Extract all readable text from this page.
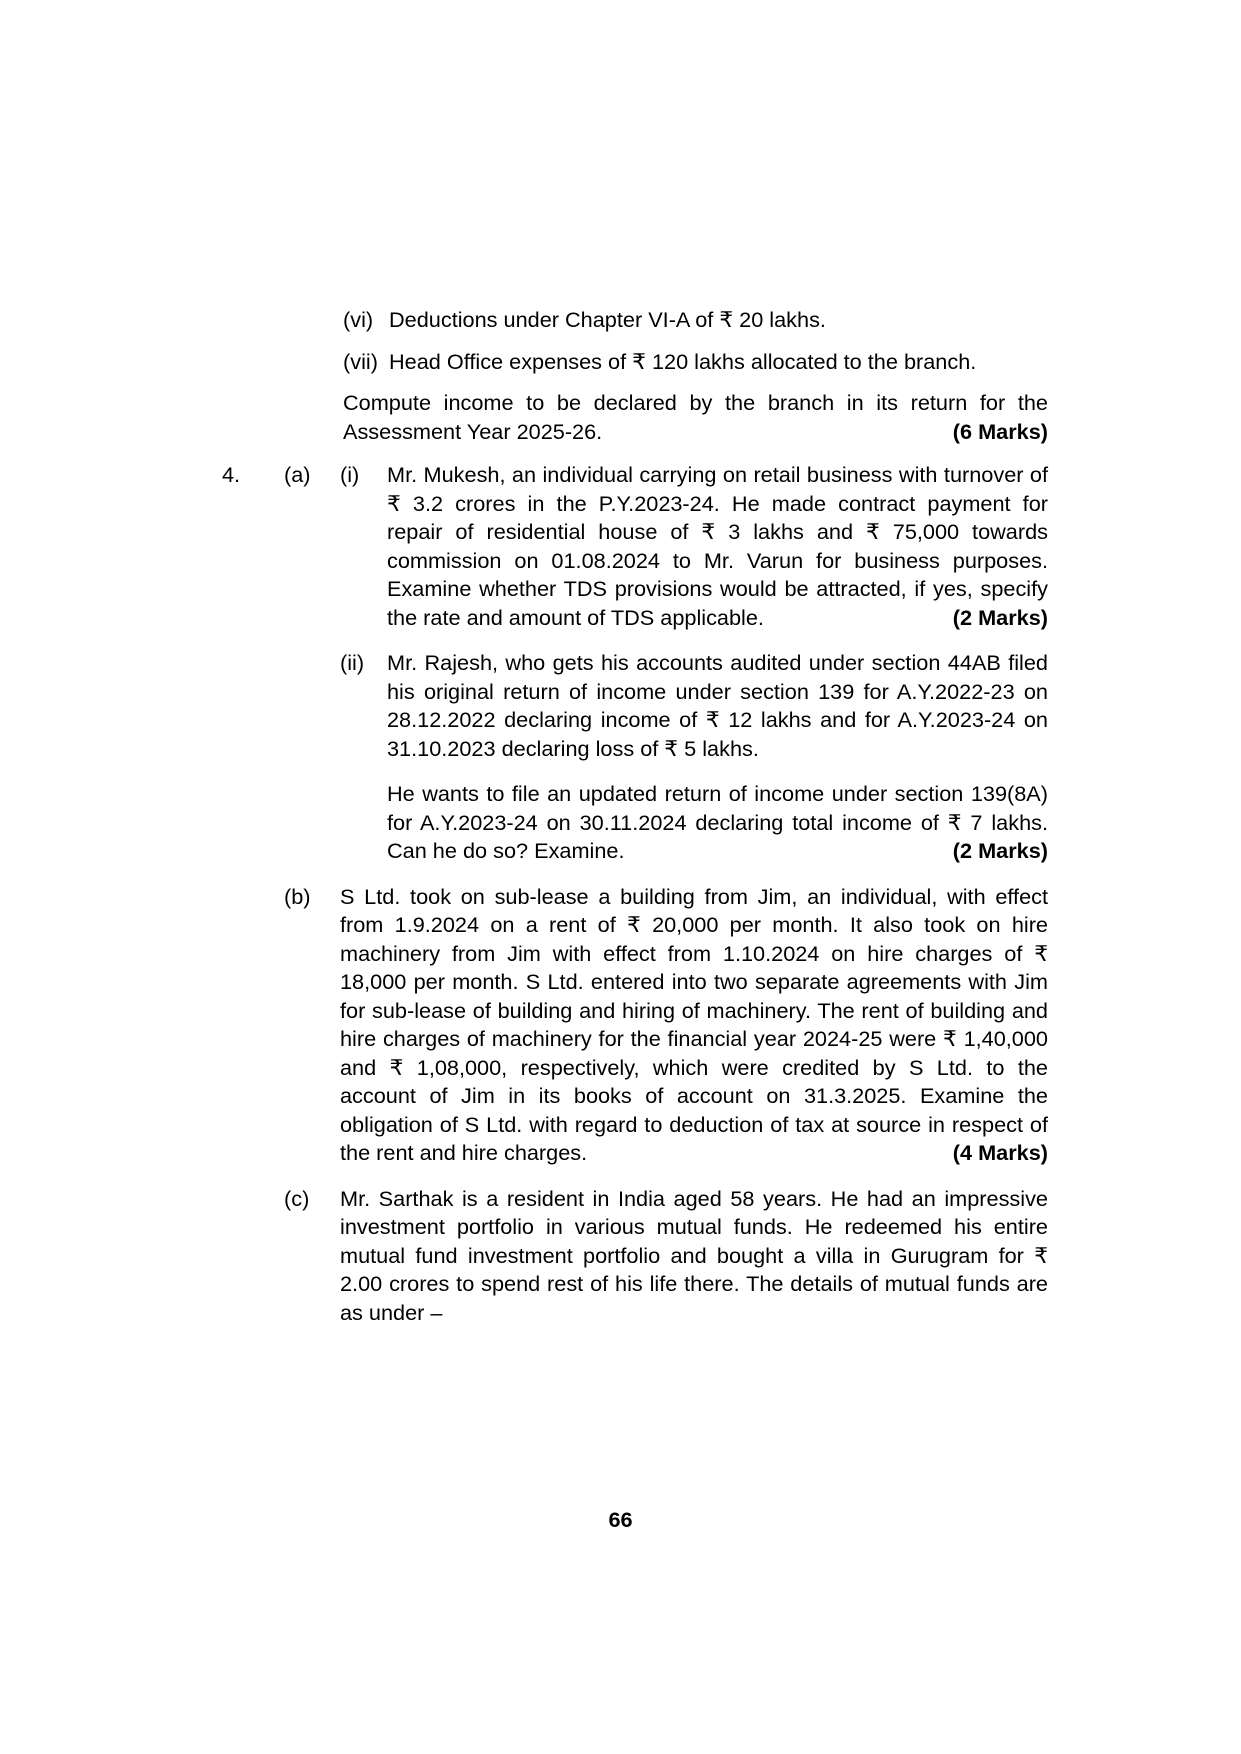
(vi) Deductions under Chapter VI-A of ₹ 20 lakhs.

(vii) Head Office expenses of ₹ 120 lakhs allocated to the branch.

Compute income to be declared by the branch in its return for the Assessment Year 2025-26.	(6 Marks)

4.	(a)	(i)	Mr. Mukesh, an individual carrying on retail business with turnover of ₹ 3.2 crores in the P.Y.2023-24. He made contract payment for repair of residential house of ₹ 3 lakhs and ₹ 75,000 towards commission on 01.08.2024 to Mr. Varun for business purposes. Examine whether TDS provisions would be attracted, if yes, specify the rate and amount of TDS applicable.	(2 Marks)

(ii)	Mr. Rajesh, who gets his accounts audited under section 44AB filed his original return of income under section 139 for A.Y.2022-23 on 28.12.2022 declaring income of ₹ 12 lakhs and for A.Y.2023-24 on 31.10.2023 declaring loss of ₹ 5 lakhs.

He wants to file an updated return of income under section 139(8A) for A.Y.2023-24 on 30.11.2024 declaring total income of ₹ 7 lakhs. Can he do so? Examine.	(2 Marks)

(b)	S Ltd. took on sub-lease a building from Jim, an individual, with effect from 1.9.2024 on a rent of ₹ 20,000 per month. It also took on hire machinery from Jim with effect from 1.10.2024 on hire charges of ₹ 18,000 per month. S Ltd. entered into two separate agreements with Jim for sub-lease of building and hiring of machinery. The rent of building and hire charges of machinery for the financial year 2024-25 were ₹ 1,40,000 and ₹ 1,08,000, respectively, which were credited by S Ltd. to the account of Jim in its books of account on 31.3.2025. Examine the obligation of S Ltd. with regard to deduction of tax at source in respect of the rent and hire charges.	(4 Marks)

(c)	Mr. Sarthak is a resident in India aged 58 years. He had an impressive investment portfolio in various mutual funds. He redeemed his entire mutual fund investment portfolio and bought a villa in Gurugram for ₹ 2.00 crores to spend rest of his life there. The details of mutual funds are as under –

66
